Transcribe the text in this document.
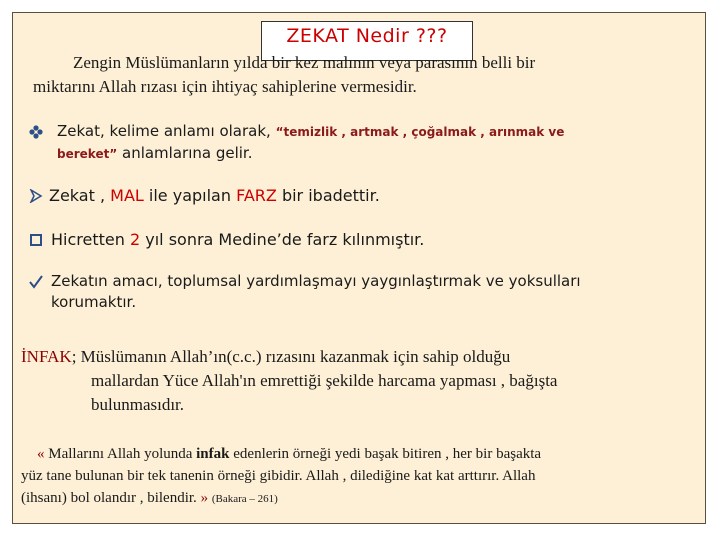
ZEKAT Nedir ???
Zengin Müslümanların yılda bir kez malının veya parasının belli bir
miktarını Allah rızası için ihtiyaç sahiplerine vermesidir.
Zekat, kelime anlamı olarak, “temizlik , artmak , çoğalmak , arınmak ve
bereket” anlamlarına gelir.
Zekat , MAL ile yapılan FARZ bir ibadettir.
Hicretten 2 yıl sonra Medine’de farz kılınmıştır.
Zekatın amacı, toplumsal yardımlaşmayı yaygınlaştırmak ve yoksulları
korumaktır.
İNFAK; Müslümanın Allah’ın(c.c.) rızasını kazanmak için sahip olduğu
mallardan Yüce Allah'ın emrettiği şekilde harcama yapması , bağışta
bulunmasıdır.
« Mallarını Allah yolunda infak edenlerin örneği yedi başak bitiren , her bir başakta
yüz tane bulunan bir tek tanenin örneği gibidir. Allah , dilediğine kat kat arttırır. Allah
(ihsanı) bol olandır , bilendir. » (Bakara – 261)
